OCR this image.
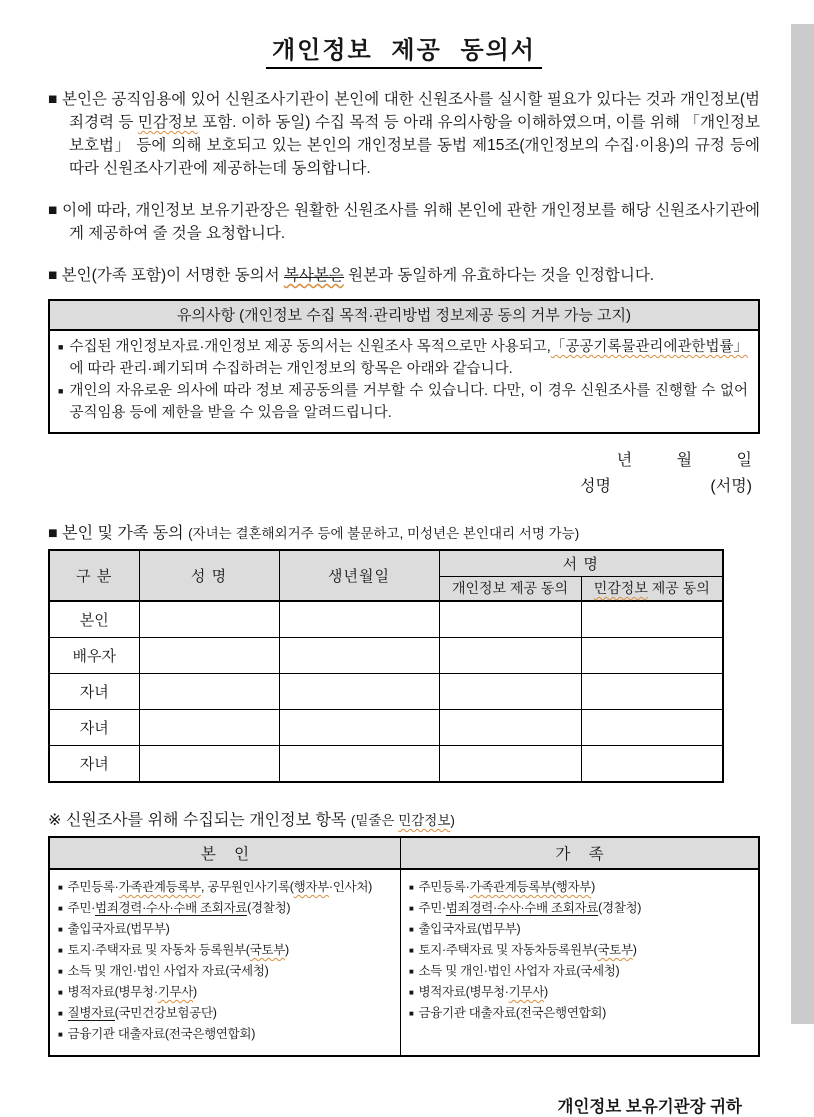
개인정보 제공 동의서
■ 본인은 공직임용에 있어 신원조사기관이 본인에 대한 신원조사를 실시할 필요가 있다는 것과 개인정보(범죄경력 등 민감정보 포함. 이하 동일) 수집 목적 등 아래 유의사항을 이해하였으며, 이를 위해 「개인정보보호법」 등에 의해 보호되고 있는 본인의 개인정보를 동법 제15조(개인정보의 수집·이용)의 규정 등에 따라 신원조사기관에 제공하는데 동의합니다.
■ 이에 따라, 개인정보 보유기관장은 원활한 신원조사를 위해 본인에 관한 개인정보를 해당 신원조사기관에게 제공하여 줄 것을 요청합니다.
■ 본인(가족 포함)이 서명한 동의서 복사본은 원본과 동일하게 유효하다는 것을 인정합니다.
유의사항 (개인정보 수집 목적·관리방법 정보제공 동의 거부 가능 고지)
■ 수집된 개인정보자료·개인정보 제공 동의서는 신원조사 목적으로만 사용되고,「공공기록물관리에관한법률」에 따라 관리·폐기되며 수집하려는 개인정보의 항목은 아래와 같습니다.
■ 개인의 자유로운 의사에 따라 정보 제공동의를 거부할 수 있습니다. 다만, 이 경우 신원조사를 진행할 수 없어 공직임용 등에 제한을 받을 수 있음을 알려드립니다.
년	월	일
성명	(서명)
■ 본인 및 가족 동의 (자녀는 결혼해외거주 등에 불문하고, 미성년은 본인대리 서명 가능)
구 분	성 명	생년월일	서 명	
			개인정보 제공 동의	민감정보 제공 동의
본인				
배우자				
자녀				
자녀				
자녀				
※ 신원조사를 위해 수집되는 개인정보 항목 (밑줄은 민감정보)
본 인	가 족

■ 주민등록·가족관계등록부, 공무원인사기록(행자부·인사처)
■ 주민·범죄경력·수사·수배 조회자료(경찰청)
■ 출입국자료(법무부)
■ 토지·주택자료 및 자동차 등록원부(국토부)
■ 소득 및 개인·법인 사업자 자료(국세청)
■ 병적자료(병무청·기무사)
■ 질병자료(국민건강보험공단)
■ 금융기관 대출자료(전국은행연합회)

■ 주민등록·가족관계등록부(행자부)
■ 주민·범죄경력·수사·수배 조회자료(경찰청)
■ 출입국자료(법무부)
■ 토지·주택자료 및 자동차등록원부(국토부)
■ 소득 및 개인·법인 사업자 자료(국세청)
■ 병적자료(병무청·기무사)
■ 금융기관 대출자료(전국은행연합회)
개인정보 보유기관장 귀하
